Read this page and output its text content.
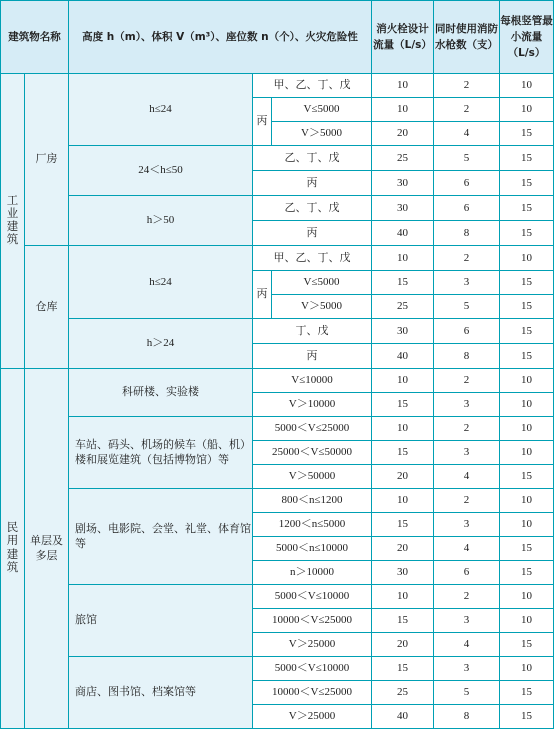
建筑物名称		高度 h（m）、体积 V（m³）、座位数 n（个）、火灾危险性			消火栓设计流量（L/s）	同时使用消防水枪数（支）	每根竖管最小流量（L/s）
工业建筑	厂房	h≤24	甲、乙、丁、戊		10	2	10
			丙	V≤5000	10	2	10
				V＞5000	20	4	15
		24＜h≤50	乙、丁、戊		25	5	15
			丙		30	6	15
		h＞50	乙、丁、戊		30	6	15
			丙		40	8	15
	仓库	h≤24	甲、乙、丁、戊		10	2	10
			丙	V≤5000	15	3	15
				V＞5000	25	5	15
		h＞24	丁、戊		30	6	15
			丙		40	8	15
民用建筑	单层及多层	科研楼、实验楼	V≤10000		10	2	10
			V＞10000		15	3	10
		车站、码头、机场的候车（船、机）楼和展览建筑（包括博物馆）等	5000＜V≤25000		10	2	10
			25000＜V≤50000		15	3	10
			V＞50000		20	4	15
		剧场、电影院、会堂、礼堂、体育馆等	800＜n≤1200		10	2	10
			1200＜n≤5000		15	3	10
			5000＜n≤10000		20	4	15
			n＞10000		30	6	15
		旅馆	5000＜V≤10000		10	2	10
			10000＜V≤25000		15	3	10
			V＞25000		20	4	15
		商店、图书馆、档案馆等	5000＜V≤10000		15	3	10
			10000＜V≤25000		25	5	15
			V＞25000		40	8	15
